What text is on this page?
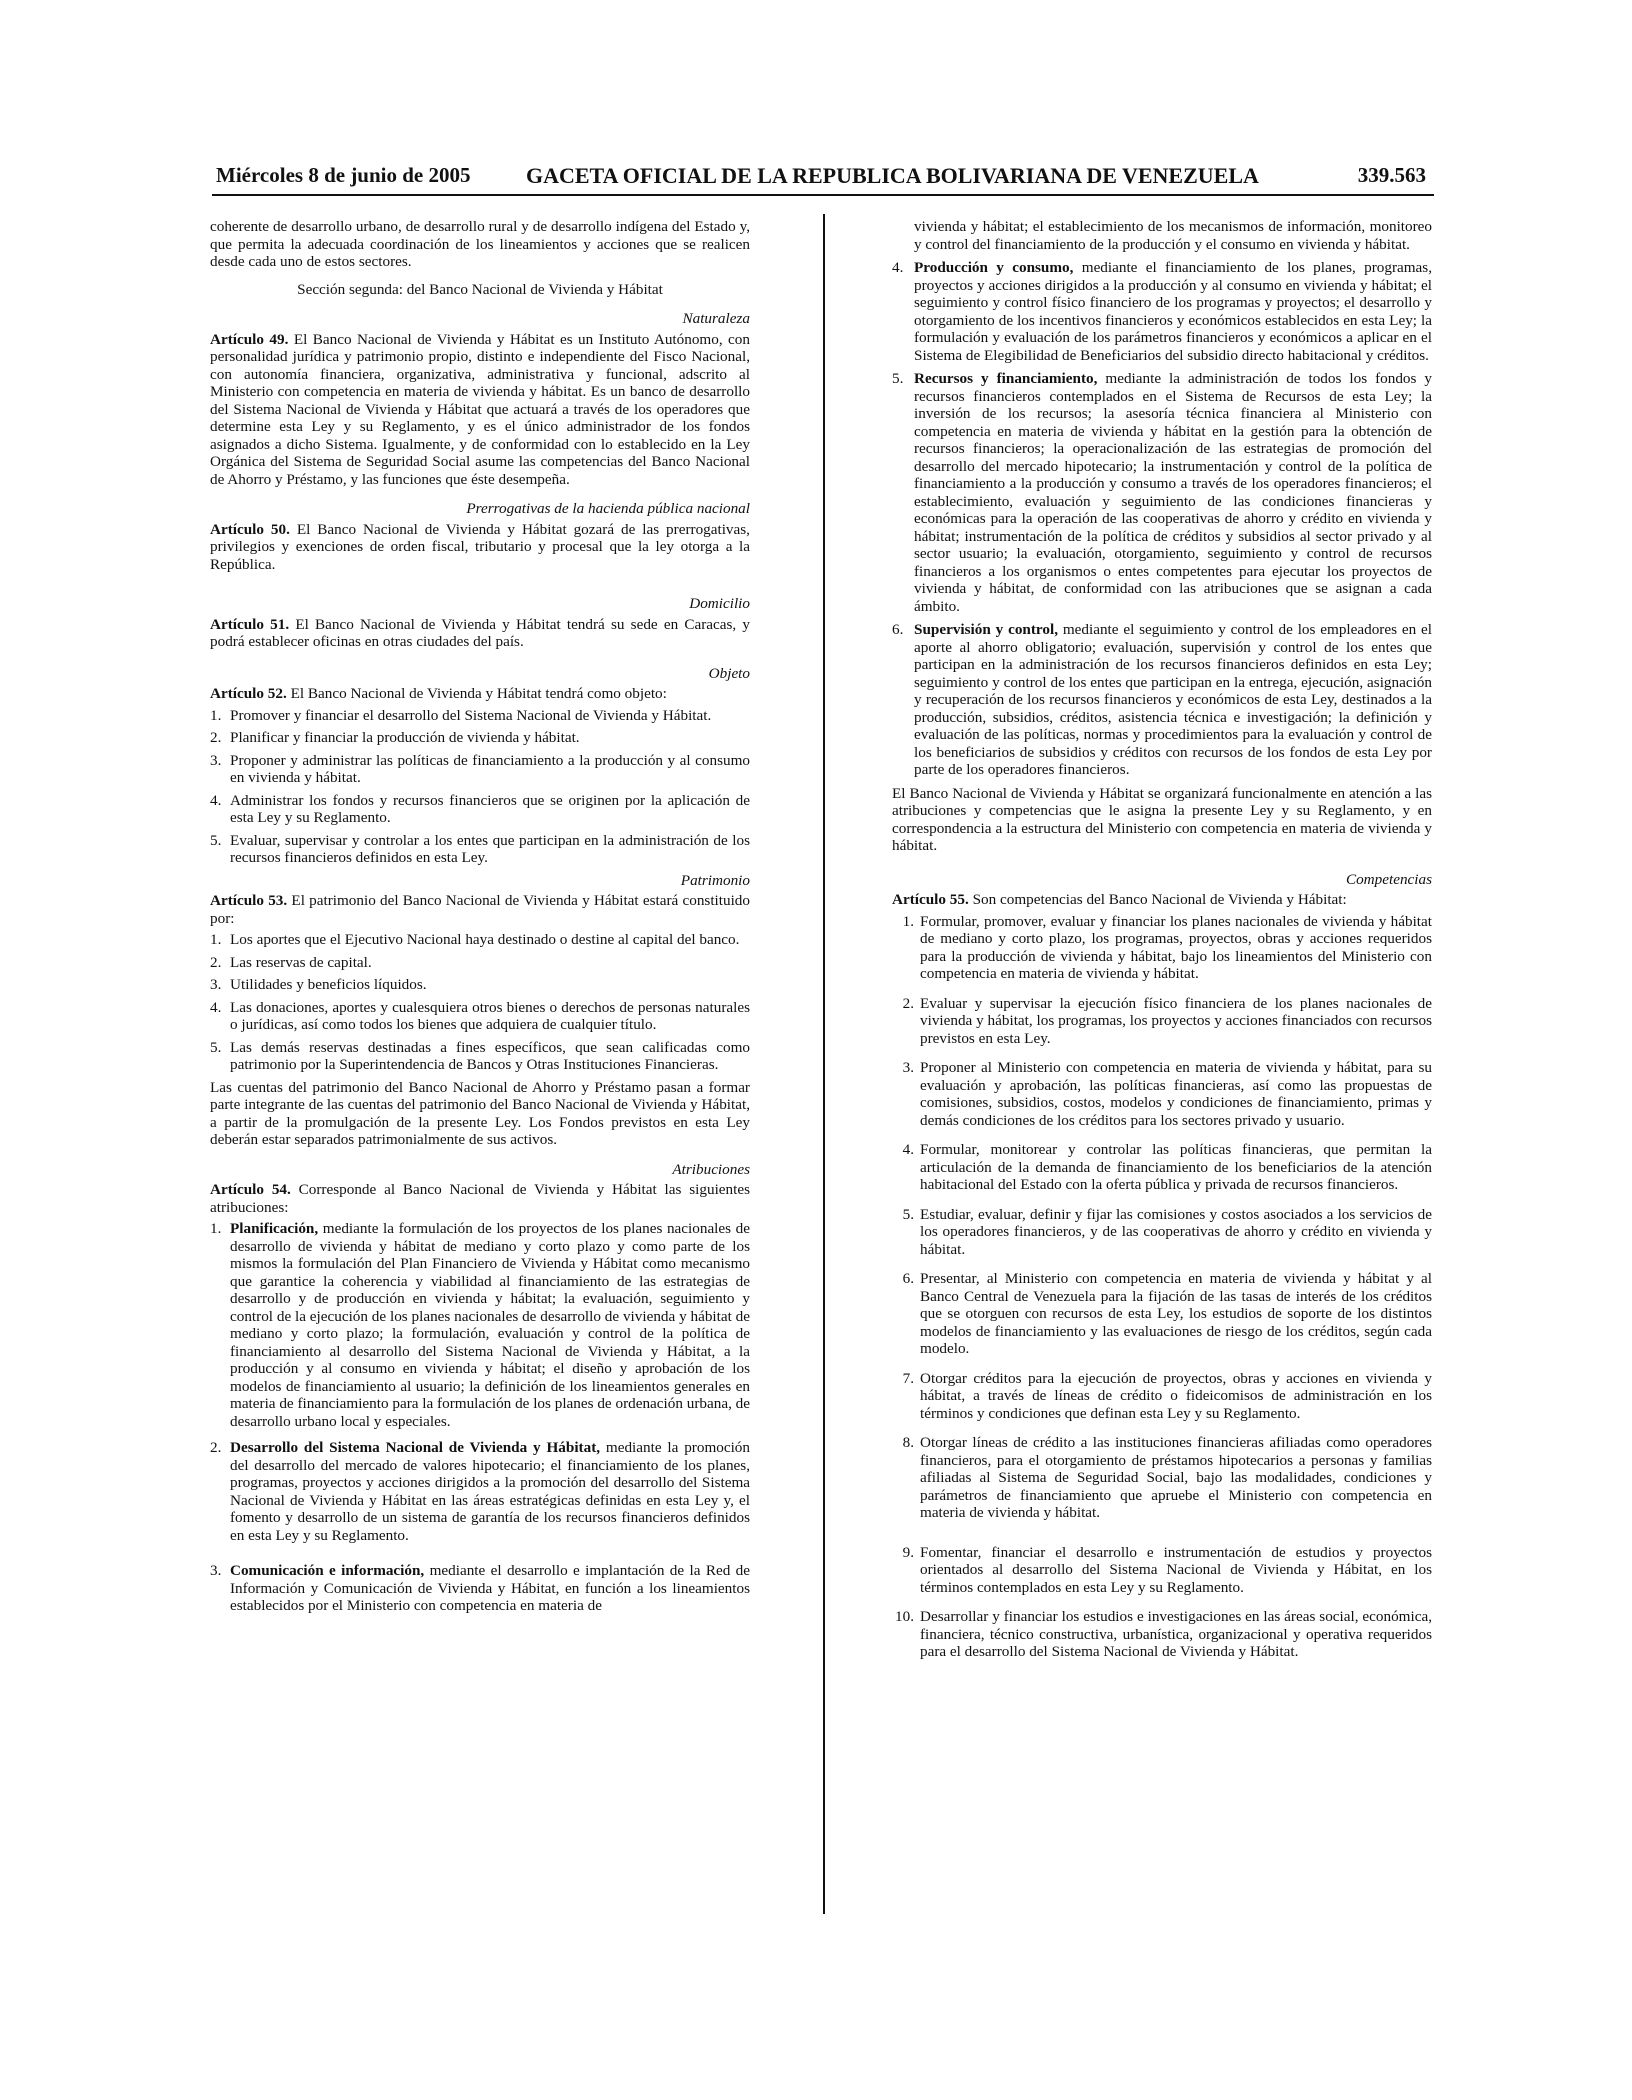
Miércoles 8 de junio de 2005	GACETA OFICIAL DE LA REPUBLICA BOLIVARIANA DE VENEZUELA	339.563

coherente de desarrollo urbano, de desarrollo rural y de desarrollo indígena del Estado y, que permita la adecuada coordinación de los lineamientos y acciones que se realicen desde cada uno de estos sectores.

Sección segunda: del Banco Nacional de Vivienda y Hábitat
Naturaleza

Artículo 49. El Banco Nacional de Vivienda y Hábitat es un Instituto Autónomo, con personalidad jurídica y patrimonio propio, distinto e independiente del Fisco Nacional, con autonomía financiera, organizativa, administrativa y funcional, adscrito al Ministerio con competencia en materia de vivienda y hábitat. Es un banco de desarrollo del Sistema Nacional de Vivienda y Hábitat que actuará a través de los operadores que determine esta Ley y su Reglamento, y es el único administrador de los fondos asignados a dicho Sistema. Igualmente, y de conformidad con lo establecido en la Ley Orgánica del Sistema de Seguridad Social asume las competencias del Banco Nacional de Ahorro y Préstamo, y las funciones que éste desempeña.

Prerrogativas de la hacienda pública nacional

Artículo 50. El Banco Nacional de Vivienda y Hábitat gozará de las prerrogativas, privilegios y exenciones de orden fiscal, tributario y procesal que la ley otorga a la República.

Domicilio

Artículo 51. El Banco Nacional de Vivienda y Hábitat tendrá su sede en Caracas, y podrá establecer oficinas en otras ciudades del país.

Objeto

Artículo 52. El Banco Nacional de Vivienda y Hábitat tendrá como objeto:

1. Promover y financiar el desarrollo del Sistema Nacional de Vivienda y Hábitat.
2. Planificar y financiar la producción de vivienda y hábitat.
3. Proponer y administrar las políticas de financiamiento a la producción y al consumo en vivienda y hábitat.
4. Administrar los fondos y recursos financieros que se originen por la aplicación de esta Ley y su Reglamento.
5. Evaluar, supervisar y controlar a los entes que participan en la administración de los recursos financieros definidos en esta Ley.
Patrimonio

Artículo 53. El patrimonio del Banco Nacional de Vivienda y Hábitat estará constituido por:

1. Los aportes que el Ejecutivo Nacional haya destinado o destine al capital del banco.
2. Las reservas de capital.
3. Utilidades y beneficios líquidos.
4. Las donaciones, aportes y cualesquiera otros bienes o derechos de personas naturales o jurídicas, así como todos los bienes que adquiera de cualquier título.
5. Las demás reservas destinadas a fines específicos, que sean calificadas como patrimonio por la Superintendencia de Bancos y Otras Instituciones Financieras.

Las cuentas del patrimonio del Banco Nacional de Ahorro y Préstamo pasan a formar parte integrante de las cuentas del patrimonio del Banco Nacional de Vivienda y Hábitat, a partir de la promulgación de la presente Ley. Los Fondos previstos en esta Ley deberán estar separados patrimonialmente de sus activos.

Atribuciones

Artículo 54. Corresponde al Banco Nacional de Vivienda y Hábitat las siguientes atribuciones:

1. Planificación, mediante la formulación de los proyectos de los planes nacionales de desarrollo de vivienda y hábitat de mediano y corto plazo y como parte de los mismos la formulación del Plan Financiero de Vivienda y Hábitat como mecanismo que garantice la coherencia y viabilidad al financiamiento de las estrategias de desarrollo y de producción en vivienda y hábitat; la evaluación, seguimiento y control de la ejecución de los planes nacionales de desarrollo de vivienda y hábitat de mediano y corto plazo; la formulación, evaluación y control de la política de financiamiento al desarrollo del Sistema Nacional de Vivienda y Hábitat, a la producción y al consumo en vivienda y hábitat; el diseño y aprobación de los modelos de financiamiento al usuario; la definición de los lineamientos generales en materia de financiamiento para la formulación de los planes de ordenación urbana, de desarrollo urbano local y especiales.
2. Desarrollo del Sistema Nacional de Vivienda y Hábitat, mediante la promoción del desarrollo del mercado de valores hipotecario; el financiamiento de los planes, programas, proyectos y acciones dirigidos a la promoción del desarrollo del Sistema Nacional de Vivienda y Hábitat en las áreas estratégicas definidas en esta Ley y, el fomento y desarrollo de un sistema de garantía de los recursos financieros definidos en esta Ley y su Reglamento.
3. Comunicación e información, mediante el desarrollo e implantación de la Red de Información y Comunicación de Vivienda y Hábitat, en función a los lineamientos establecidos por el Ministerio con competencia en materia de

vivienda y hábitat; el establecimiento de los mecanismos de información, monitoreo y control del financiamiento de la producción y el consumo en vivienda y hábitat.

4. Producción y consumo, mediante el financiamiento de los planes, programas, proyectos y acciones dirigidos a la producción y al consumo en vivienda y hábitat; el seguimiento y control físico financiero de los programas y proyectos; el desarrollo y otorgamiento de los incentivos financieros y económicos establecidos en esta Ley; la formulación y evaluación de los parámetros financieros y económicos a aplicar en el Sistema de Elegibilidad de Beneficiarios del subsidio directo habitacional y créditos.
5. Recursos y financiamiento, mediante la administración de todos los fondos y recursos financieros contemplados en el Sistema de Recursos de esta Ley; la inversión de los recursos; la asesoría técnica financiera al Ministerio con competencia en materia de vivienda y hábitat en la gestión para la obtención de recursos financieros; la operacionalización de las estrategias de promoción del desarrollo del mercado hipotecario; la instrumentación y control de la política de financiamiento a la producción y consumo a través de los operadores financieros; el establecimiento, evaluación y seguimiento de las condiciones financieras y económicas para la operación de las cooperativas de ahorro y crédito en vivienda y hábitat; instrumentación de la política de créditos y subsidios al sector privado y al sector usuario; la evaluación, otorgamiento, seguimiento y control de recursos financieros a los organismos o entes competentes para ejecutar los proyectos de vivienda y hábitat, de conformidad con las atribuciones que se asignan a cada ámbito.
6. Supervisión y control, mediante el seguimiento y control de los empleadores en el aporte al ahorro obligatorio; evaluación, supervisión y control de los entes que participan en la administración de los recursos financieros definidos en esta Ley; seguimiento y control de los entes que participan en la entrega, ejecución, asignación y recuperación de los recursos financieros y económicos de esta Ley, destinados a la producción, subsidios, créditos, asistencia técnica e investigación; la definición y evaluación de las políticas, normas y procedimientos para la evaluación y control de los beneficiarios de subsidios y créditos con recursos de los fondos de esta Ley por parte de los operadores financieros.

El Banco Nacional de Vivienda y Hábitat se organizará funcionalmente en atención a las atribuciones y competencias que le asigna la presente Ley y su Reglamento, y en correspondencia a la estructura del Ministerio con competencia en materia de vivienda y hábitat.

Competencias

Artículo 55. Son competencias del Banco Nacional de Vivienda y Hábitat:

1. Formular, promover, evaluar y financiar los planes nacionales de vivienda y hábitat de mediano y corto plazo, los programas, proyectos, obras y acciones requeridos para la producción de vivienda y hábitat, bajo los lineamientos del Ministerio con competencia en materia de vivienda y hábitat.
2. Evaluar y supervisar la ejecución físico financiera de los planes nacionales de vivienda y hábitat, los programas, los proyectos y acciones financiados con recursos previstos en esta Ley.
3. Proponer al Ministerio con competencia en materia de vivienda y hábitat, para su evaluación y aprobación, las políticas financieras, así como las propuestas de comisiones, subsidios, costos, modelos y condiciones de financiamiento, primas y demás condiciones de los créditos para los sectores privado y usuario.
4. Formular, monitorear y controlar las políticas financieras, que permitan la articulación de la demanda de financiamiento de los beneficiarios de la atención habitacional del Estado con la oferta pública y privada de recursos financieros.
5. Estudiar, evaluar, definir y fijar las comisiones y costos asociados a los servicios de los operadores financieros, y de las cooperativas de ahorro y crédito en vivienda y hábitat.
6. Presentar, al Ministerio con competencia en materia de vivienda y hábitat y al Banco Central de Venezuela para la fijación de las tasas de interés de los créditos que se otorguen con recursos de esta Ley, los estudios de soporte de los distintos modelos de financiamiento y las evaluaciones de riesgo de los créditos, según cada modelo.
7. Otorgar créditos para la ejecución de proyectos, obras y acciones en vivienda y hábitat, a través de líneas de crédito o fideicomisos de administración en los términos y condiciones que definan esta Ley y su Reglamento.
8. Otorgar líneas de crédito a las instituciones financieras afiliadas como operadores financieros, para el otorgamiento de préstamos hipotecarios a personas y familias afiliadas al Sistema de Seguridad Social, bajo las modalidades, condiciones y parámetros de financiamiento que apruebe el Ministerio con competencia en materia de vivienda y hábitat.
9. Fomentar, financiar el desarrollo e instrumentación de estudios y proyectos orientados al desarrollo del Sistema Nacional de Vivienda y Hábitat, en los términos contemplados en esta Ley y su Reglamento.
10. Desarrollar y financiar los estudios e investigaciones en las áreas social, económica, financiera, técnico constructiva, urbanística, organizacional y operativa requeridos para el desarrollo del Sistema Nacional de Vivienda y Hábitat.
